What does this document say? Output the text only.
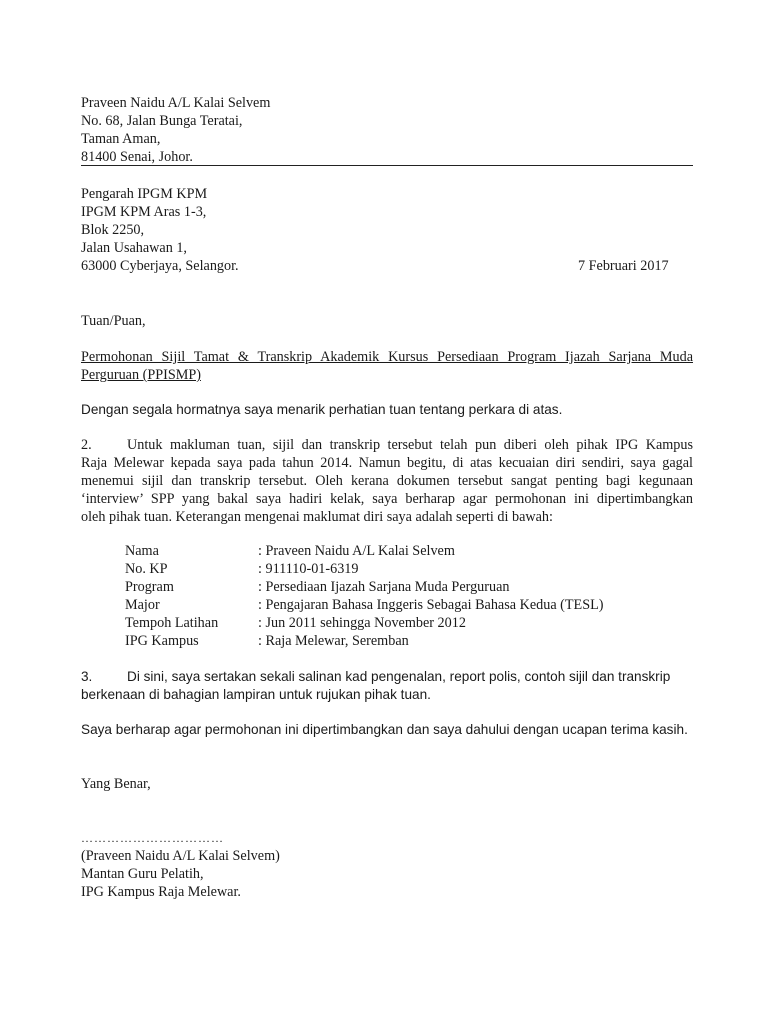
Praveen Naidu A/L Kalai Selvem
No. 68, Jalan Bunga Teratai,
Taman Aman,
81400 Senai, Johor.
Pengarah IPGM KPM
IPGM KPM Aras 1-3,
Blok 2250,
Jalan Usahawan 1,
63000 Cyberjaya, Selangor.	7 Februari 2017
Tuan/Puan,
Permohonan Sijil Tamat & Transkrip Akademik Kursus Persediaan Program Ijazah Sarjana Muda
Perguruan (PPISMP)
Dengan segala hormatnya saya menarik perhatian tuan tentang perkara di atas.
2. Untuk makluman tuan, sijil dan transkrip tersebut telah pun diberi oleh pihak IPG Kampus
Raja Melewar kepada saya pada tahun 2014. Namun begitu, di atas kecuaian diri sendiri, saya gagal
menemui sijil dan transkrip tersebut. Oleh kerana dokumen tersebut sangat penting bagi kegunaan
‘interview’ SPP yang bakal saya hadiri kelak, saya berharap agar permohonan ini dipertimbangkan
oleh pihak tuan. Keterangan mengenai maklumat diri saya adalah seperti di bawah:
Nama	: Praveen Naidu A/L Kalai Selvem
No. KP	: 911110-01-6319
Program	: Persediaan Ijazah Sarjana Muda Perguruan
Major	: Pengajaran Bahasa Inggeris Sebagai Bahasa Kedua (TESL)
Tempoh Latihan	: Jun 2011 sehingga November 2012
IPG Kampus	: Raja Melewar, Seremban
3.	Di sini, saya sertakan sekali salinan kad pengenalan, report polis, contoh sijil dan transkrip
berkenaan di bahagian lampiran untuk rujukan pihak tuan.
Saya berharap agar permohonan ini dipertimbangkan dan saya dahului dengan ucapan terima kasih.
Yang Benar,
……………………………
(Praveen Naidu A/L Kalai Selvem)
Mantan Guru Pelatih,
IPG Kampus Raja Melewar.
